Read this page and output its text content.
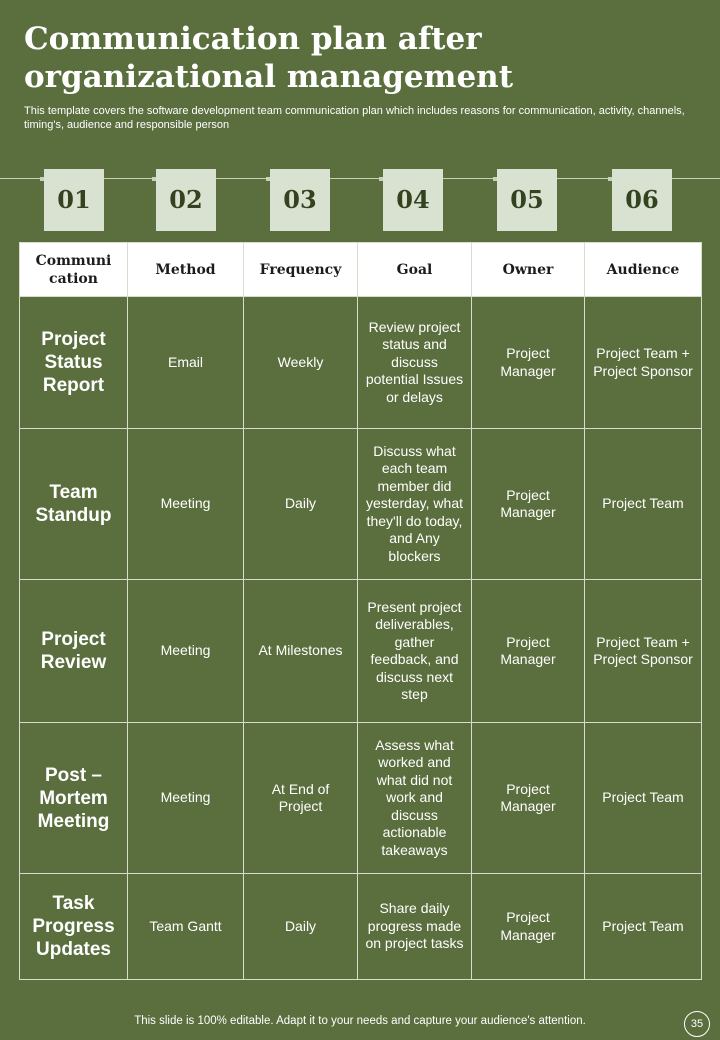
Communication plan after organizational management

This template covers the software development team communication plan which includes reasons for communication, activity, channels, timing's, audience and responsible person

01	02	03	04	05	06
Communi cation	Method	Frequency	Goal	Owner	Audience
Project Status Report	Email	Weekly	Review project status and discuss potential Issues or delays	Project Manager	Project Team + Project Sponsor
Team Standup	Meeting	Daily	Discuss what each team member did yesterday, what they'll do today, and Any blockers	Project Manager	Project Team
Project Review	Meeting	At Milestones	Present project deliverables, gather feedback, and discuss next step	Project Manager	Project Team + Project Sponsor
Post – Mortem Meeting	Meeting	At End of Project	Assess what worked and what did not work and discuss actionable takeaways	Project Manager	Project Team
Task Progress Updates	Team Gantt	Daily	Share daily progress made on project tasks	Project Manager	Project Team
This slide is 100% editable. Adapt it to your needs and capture your audience's attention.	35
